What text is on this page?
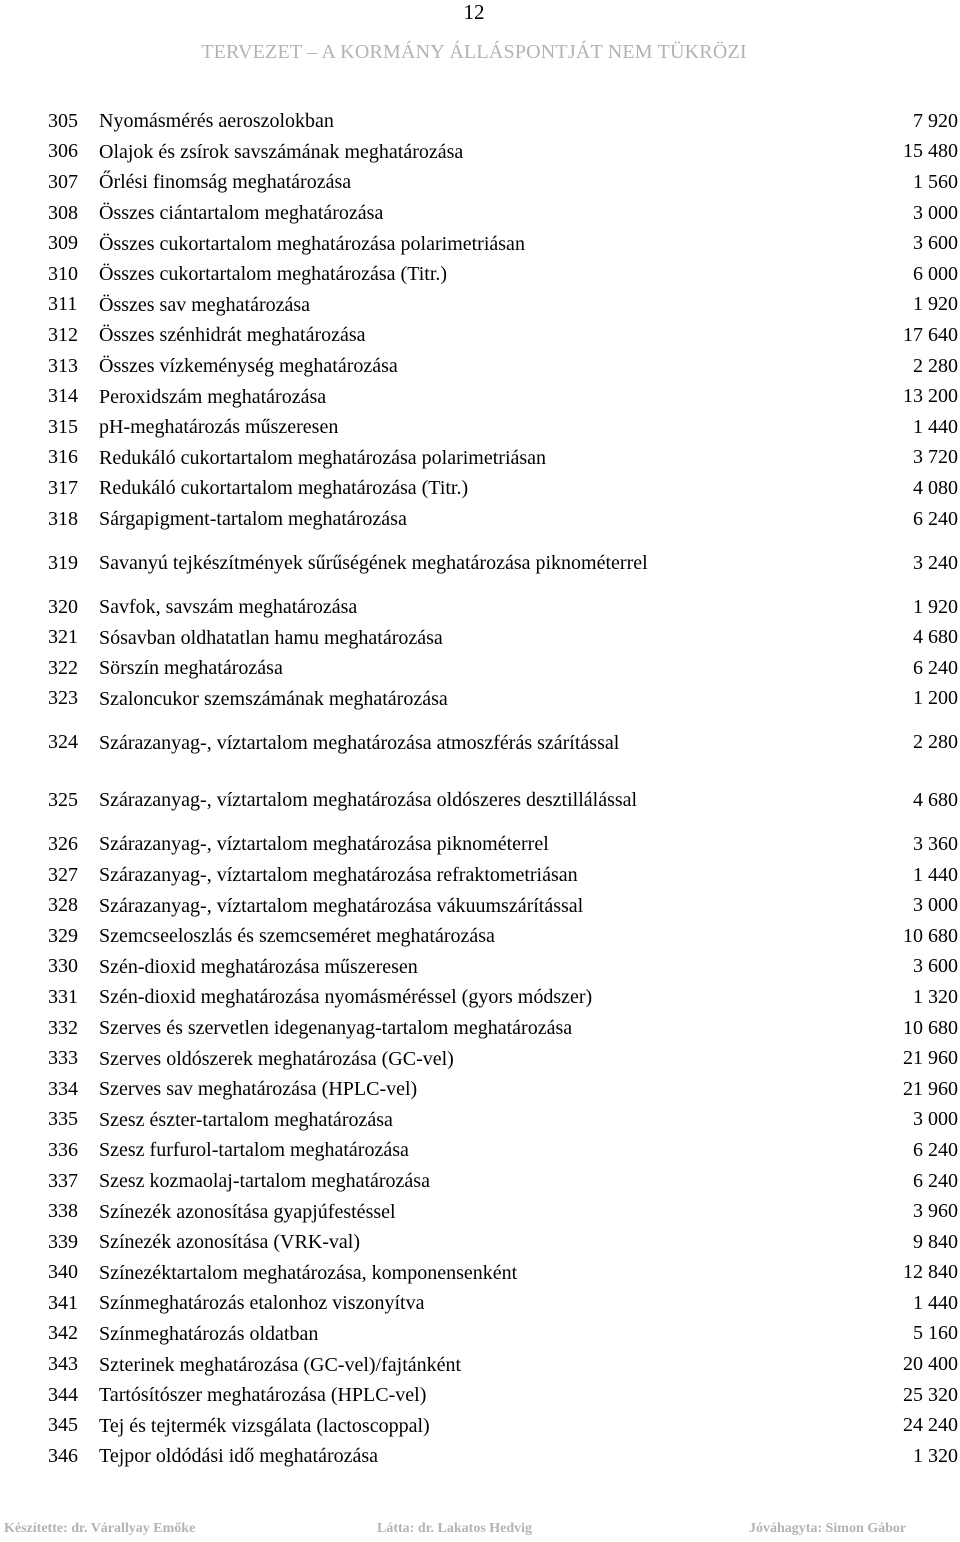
12
TERVEZET – A KORMÁNY ÁLLÁSPONTJÁT NEM TÜKRÖZI
305	Nyomásmérés aeroszolokban	7 920
306	Olajok és zsírok savszámának meghatározása	15 480
307	Őrlési finomság meghatározása	1 560
308	Összes ciántartalom meghatározása	3 000
309	Összes cukortartalom meghatározása polarimetriásan	3 600
310	Összes cukortartalom meghatározása (Titr.)	6 000
311	Összes sav meghatározása	1 920
312	Összes szénhidrát meghatározása	17 640
313	Összes vízkeménység meghatározása	2 280
314	Peroxidszám meghatározása	13 200
315	pH-meghatározás műszeresen	1 440
316	Redukáló cukortartalom meghatározása polarimetriásan	3 720
317	Redukáló cukortartalom meghatározása (Titr.)	4 080
318	Sárgapigment-tartalom meghatározása	6 240
319	Savanyú tejkészítmények sűrűségének meghatározása piknométerrel	3 240
320	Savfok, savszám meghatározása	1 920
321	Sósavban oldhatatlan hamu meghatározása	4 680
322	Sörszín meghatározása	6 240
323	Szaloncukor szemszámának meghatározása	1 200
324	Szárazanyag-, víztartalom meghatározása atmoszférás szárítással	2 280
325	Szárazanyag-, víztartalom meghatározása oldószeres desztillálással	4 680
326	Szárazanyag-, víztartalom meghatározása piknométerrel	3 360
327	Szárazanyag-, víztartalom meghatározása refraktometriásan	1 440
328	Szárazanyag-, víztartalom meghatározása vákuumszárítással	3 000
329	Szemcseeloszlás és szemcseméret meghatározása	10 680
330	Szén-dioxid meghatározása műszeresen	3 600
331	Szén-dioxid meghatározása nyomásméréssel (gyors módszer)	1 320
332	Szerves és szervetlen idegenanyag-tartalom meghatározása	10 680
333	Szerves oldószerek meghatározása (GC-vel)	21 960
334	Szerves sav meghatározása (HPLC-vel)	21 960
335	Szesz észter-tartalom meghatározása	3 000
336	Szesz furfurol-tartalom meghatározása	6 240
337	Szesz kozmaolaj-tartalom meghatározása	6 240
338	Színezék azonosítása gyapjúfestéssel	3 960
339	Színezék azonosítása (VRK-val)	9 840
340	Színezéktartalom meghatározása, komponensenként	12 840
341	Színmeghatározás etalonhoz viszonyítva	1 440
342	Színmeghatározás oldatban	5 160
343	Szterinek meghatározása (GC-vel)/fajtánként	20 400
344	Tartósítószer meghatározása (HPLC-vel)	25 320
345	Tej és tejtermék vizsgálata (lactoscoppal)	24 240
346	Tejpor oldódási idő meghatározása	1 320
Készítette: dr. Várallyay Emőke	Látta: dr. Lakatos Hedvig	Jóváhagyta: Simon Gábor
